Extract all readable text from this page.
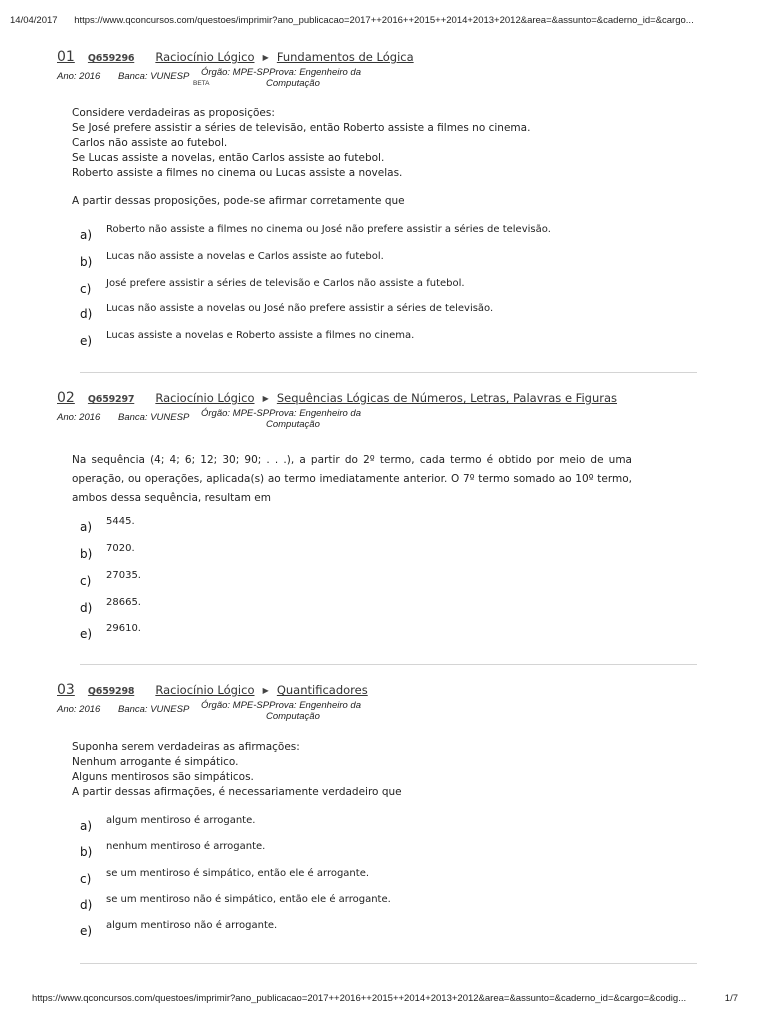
14/04/2017 https://www.qconcursos.com/questoes/imprimir?ano_publicacao=2017++2016++2015++2014+2013+2012&area=&assunto=&caderno_id=&cargo...
01 Q659296 Raciocínio Lógico ▶ Fundamentos de Lógica
Ano: 2016 Banca: VUNESP
BETA
Órgão: MPE-SPProva: Engenheiro da
Computação

Considere verdadeiras as proposições:

Se José prefere assistir a séries de televisão, então Roberto assiste a filmes no cinema.

Carlos não assiste ao futebol.

Se Lucas assiste a novelas, então Carlos assiste ao futebol.

Roberto assiste a filmes no cinema ou Lucas assiste a novelas.

A partir dessas proposições, pode-se afirmar corretamente que

a) Roberto não assiste a filmes no cinema ou José não prefere assistir a séries de televisão.
b) Lucas não assiste a novelas e Carlos assiste ao futebol.
c) José prefere assistir a séries de televisão e Carlos não assiste a futebol.
d) Lucas não assiste a novelas ou José não prefere assistir a séries de televisão.
e) Lucas assiste a novelas e Roberto assiste a filmes no cinema.
02 Q659297 Raciocínio Lógico ▶ Sequências Lógicas de Números, Letras, Palavras e Figuras
Ano: 2016 Banca: VUNESP Órgão: MPE-SPProva: Engenheiro da
Computação

Na sequência (4; 4; 6; 12; 30; 90; . . .), a partir do 2º termo, cada termo é obtido por meio de uma operação, ou operações, aplicada(s) ao termo imediatamente anterior. O 7º termo somado ao 10º termo, ambos dessa sequência, resultam em

a) 5445.
b) 7020.
c) 27035.
d) 28665.
e) 29610.
03 Q659298 Raciocínio Lógico ▶ Quantificadores
Ano: 2016 Banca: VUNESP Órgão: MPE-SPProva: Engenheiro da
Computação

Suponha serem verdadeiras as afirmações:

Nenhum arrogante é simpático.

Alguns mentirosos são simpáticos.

A partir dessas afirmações, é necessariamente verdadeiro que

a) algum mentiroso é arrogante.
b) nenhum mentiroso é arrogante.
c) se um mentiroso é simpático, então ele é arrogante.
d) se um mentiroso não é simpático, então ele é arrogante.
e) algum mentiroso não é arrogante.
https://www.qconcursos.com/questoes/imprimir?ano_publicacao=2017++2016++2015++2014+2013+2012&area=&assunto=&caderno_id=&cargo=&codig...	1/7
